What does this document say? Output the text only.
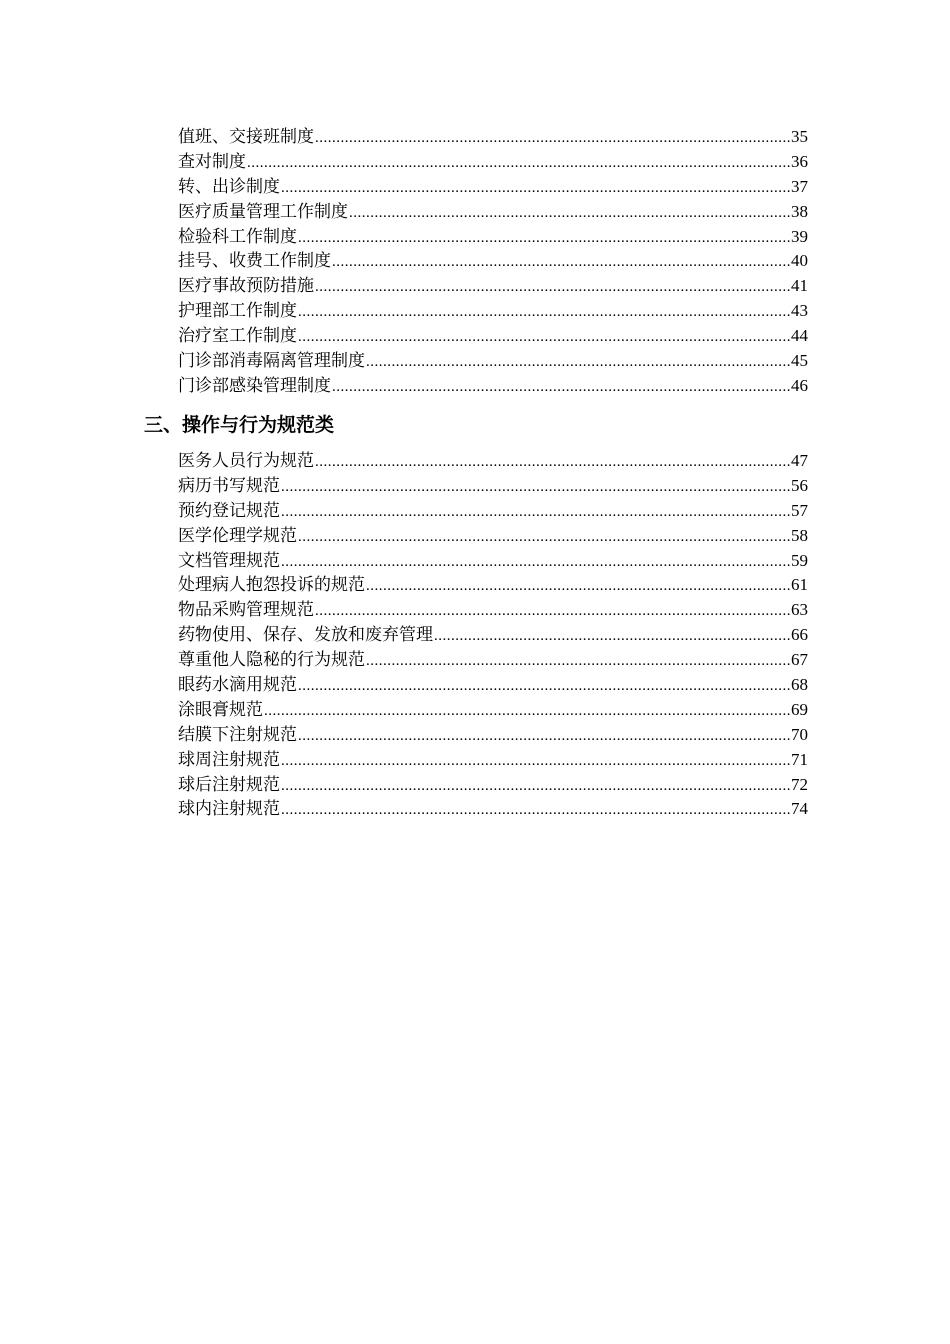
值班、交接班制度 .....	35
查对制度 .....	36
转、出诊制度 .....	37
医疗质量管理工作制度 .....	38
检验科工作制度 .....	39
挂号、收费工作制度 .....	40
医疗事故预防措施 .....	41
护理部工作制度 .....	43
治疗室工作制度 .....	44
门诊部消毒隔离管理制度 .....	45
门诊部感染管理制度 .....	46
三、操作与行为规范类
医务人员行为规范 .....	47
病历书写规范 .....	56
预约登记规范 .....	57
医学伦理学规范 .....	58
文档管理规范 .....	59
处理病人抱怨投诉的规范 .....	61
物品采购管理规范 .....	63
药物使用、保存、发放和废弃管理 .....	66
尊重他人隐秘的行为规范 .....	67
眼药水滴用规范 .....	68
涂眼膏规范 .....	69
结膜下注射规范 .....	70
球周注射规范 .....	71
球后注射规范 .....	72
球内注射规范 .....	74
